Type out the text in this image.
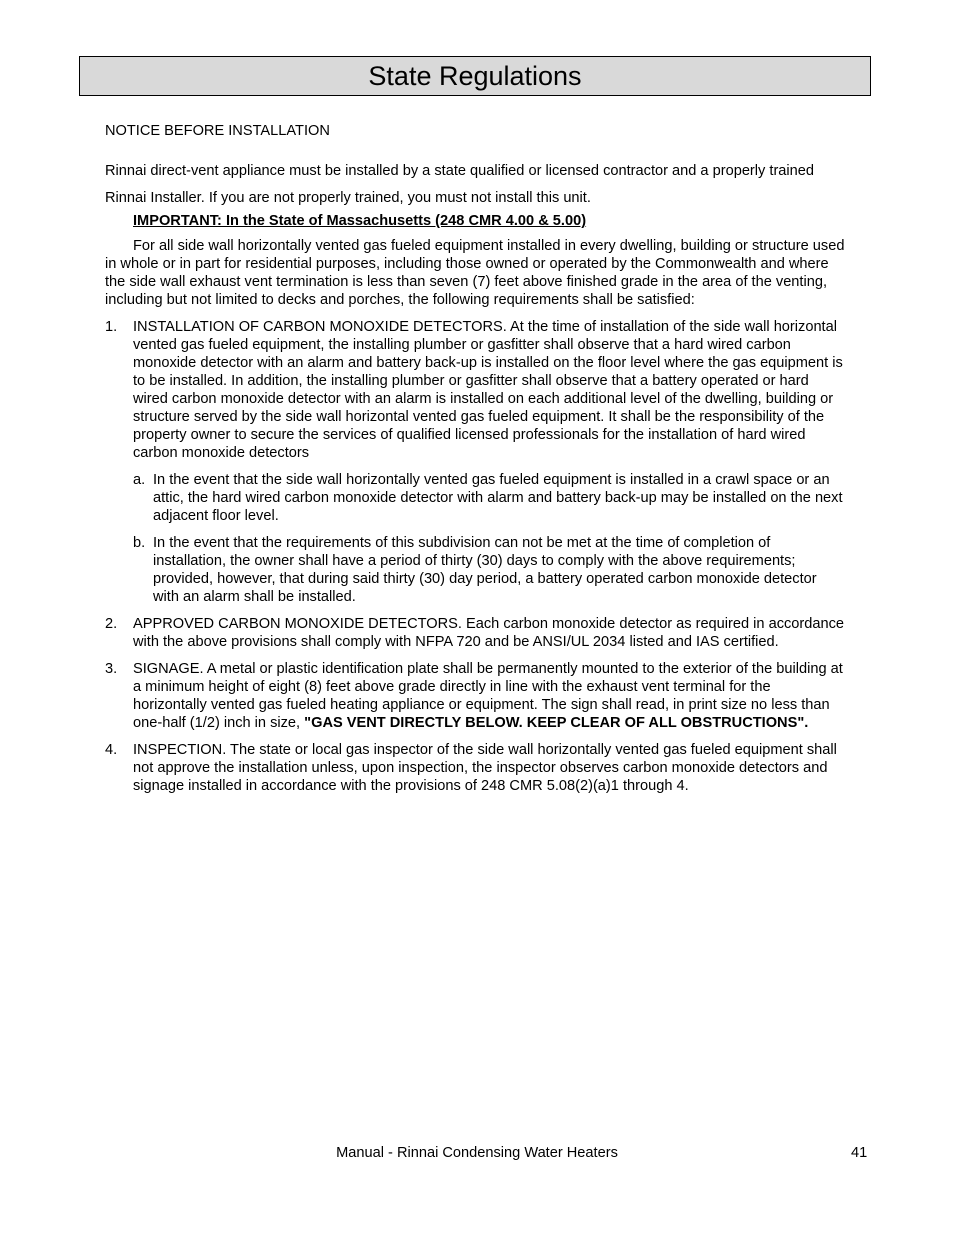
State Regulations

NOTICE BEFORE INSTALLATION

Rinnai direct-vent appliance must be installed by a state qualified or licensed contractor and a properly trained Rinnai Installer. If you are not properly trained, you must not install this unit.

IMPORTANT: In the State of Massachusetts (248 CMR 4.00 & 5.00)

For all side wall horizontally vented gas fueled equipment installed in every dwelling, building or structure used in whole or in part for residential purposes, including those owned or operated by the Commonwealth and where the side wall exhaust vent termination is less than seven (7) feet above finished grade in the area of the venting, including but not limited to decks and porches, the following requirements shall be satisfied:

1.	INSTALLATION OF CARBON MONOXIDE DETECTORS. At the time of installation of the side wall horizontal vented gas fueled equipment, the installing plumber or gasfitter shall observe that a hard wired carbon monoxide detector with an alarm and battery back-up is installed on the floor level where the gas equipment is to be installed. In addition, the installing plumber or gasfitter shall observe that a battery operated or hard wired carbon monoxide detector with an alarm is installed on each additional level of the dwelling, building or structure served by the side wall horizontal vented gas fueled equipment. It shall be the responsibility of the property owner to secure the services of qualified licensed professionals for the installation of hard wired carbon monoxide detectors
a. In the event that the side wall horizontally vented gas fueled equipment is installed in a crawl space or an attic, the hard wired carbon monoxide detector with alarm and battery back-up may be installed on the next adjacent floor level.
b. In the event that the requirements of this subdivision can not be met at the time of completion of installation, the owner shall have a period of thirty (30) days to comply with the above requirements; provided, however, that during said thirty (30) day period, a battery operated carbon monoxide detector with an alarm shall be installed.
2.	APPROVED CARBON MONOXIDE DETECTORS. Each carbon monoxide detector as required in accordance with the above provisions shall comply with NFPA 720 and be ANSI/UL 2034 listed and IAS certified.
3.	SIGNAGE. A metal or plastic identification plate shall be permanently mounted to the exterior of the building at a minimum height of eight (8) feet above grade directly in line with the exhaust vent terminal for the horizontally vented gas fueled heating appliance or equipment. The sign shall read, in print size no less than one-half (1/2) inch in size, "GAS VENT DIRECTLY BELOW. KEEP CLEAR OF ALL OBSTRUCTIONS".
4.	INSPECTION. The state or local gas inspector of the side wall horizontally vented gas fueled equipment shall not approve the installation unless, upon inspection, the inspector observes carbon monoxide detectors and signage installed in accordance with the provisions of 248 CMR 5.08(2)(a)1 through 4.
Manual - Rinnai Condensing Water Heaters	41
